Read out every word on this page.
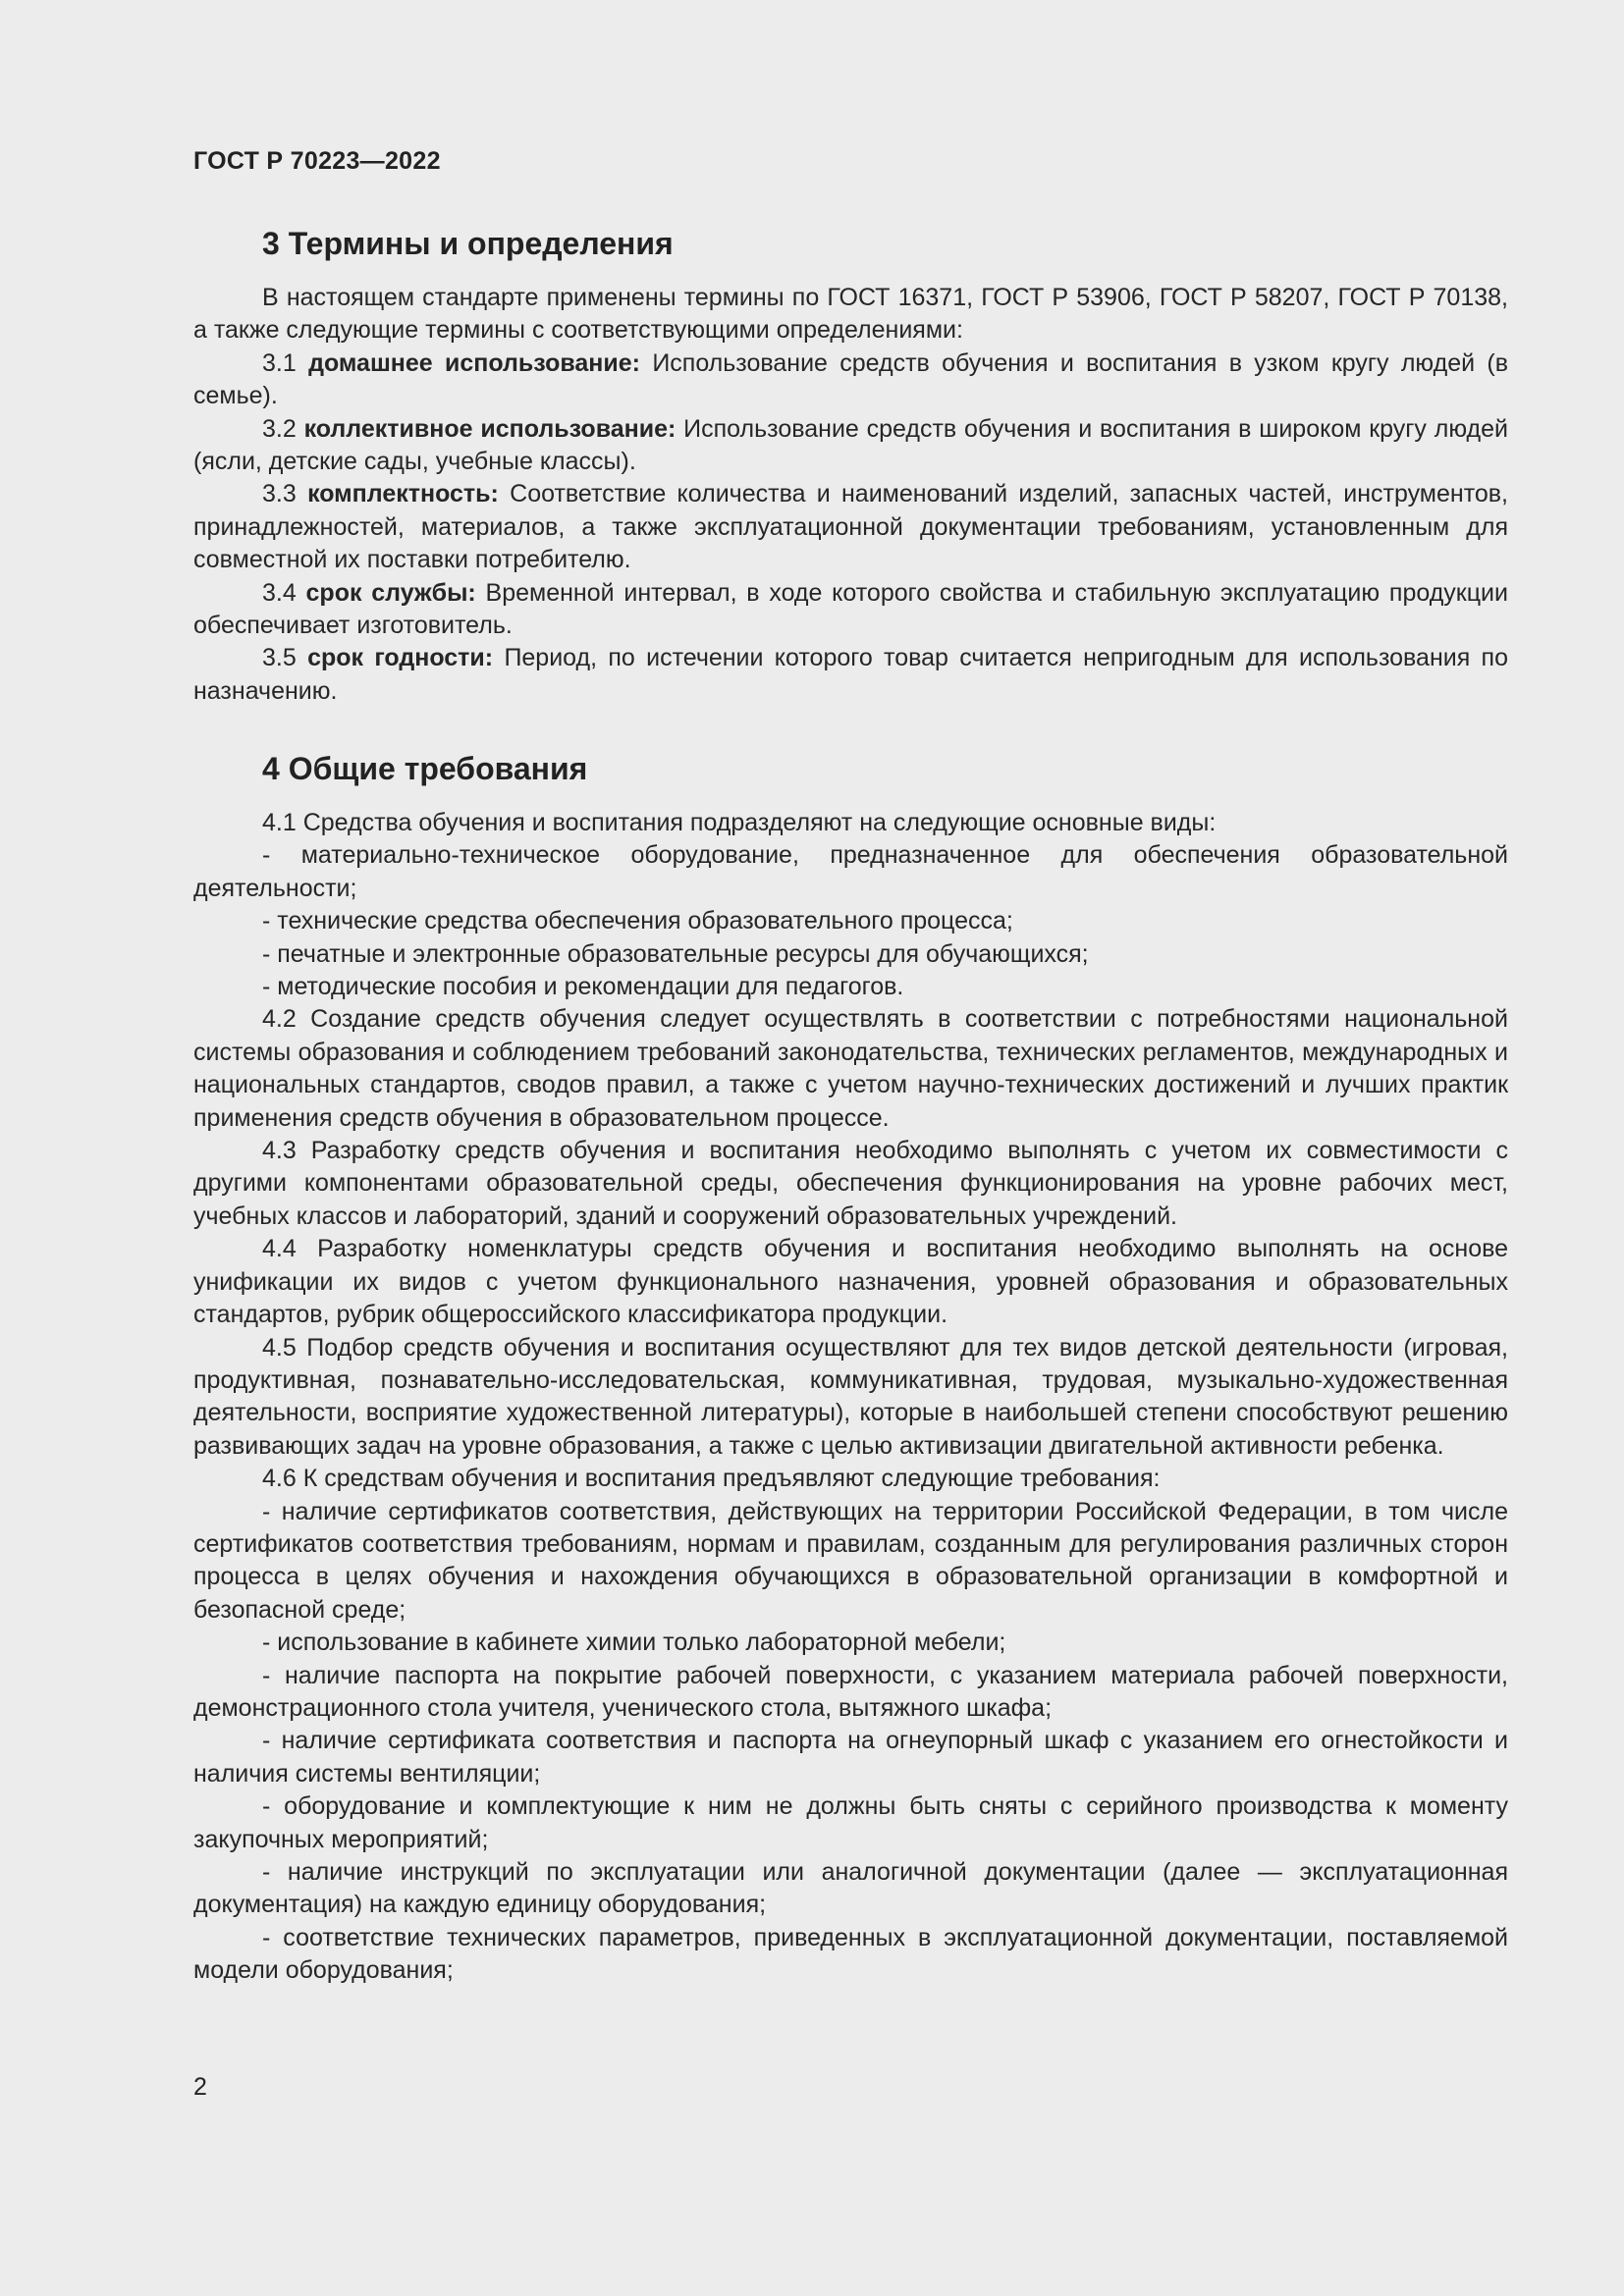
ГОСТ Р 70223—2022
3 Термины и определения

В настоящем стандарте применены термины по ГОСТ 16371, ГОСТ Р 53906, ГОСТ Р 58207, ГОСТ Р 70138, а также следующие термины с соответствующими определениями:

3.1 домашнее использование: Использование средств обучения и воспитания в узком кругу людей (в семье).

3.2 коллективное использование: Использование средств обучения и воспитания в широком кругу людей (ясли, детские сады, учебные классы).

3.3 комплектность: Соответствие количества и наименований изделий, запасных частей, инструментов, принадлежностей, материалов, а также эксплуатационной документации требованиям, установленным для совместной их поставки потребителю.

3.4 срок службы: Временной интервал, в ходе которого свойства и стабильную эксплуатацию продукции обеспечивает изготовитель.

3.5 срок годности: Период, по истечении которого товар считается непригодным для использования по назначению.

4 Общие требования

4.1 Средства обучения и воспитания подразделяют на следующие основные виды:

- материально-техническое оборудование, предназначенное для обеспечения образовательной деятельности;

- технические средства обеспечения образовательного процесса;

- печатные и электронные образовательные ресурсы для обучающихся;

- методические пособия и рекомендации для педагогов.

4.2 Создание средств обучения следует осуществлять в соответствии с потребностями национальной системы образования и соблюдением требований законодательства, технических регламентов, международных и национальных стандартов, сводов правил, а также с учетом научно-технических достижений и лучших практик применения средств обучения в образовательном процессе.

4.3 Разработку средств обучения и воспитания необходимо выполнять с учетом их совместимости с другими компонентами образовательной среды, обеспечения функционирования на уровне рабочих мест, учебных классов и лабораторий, зданий и сооружений образовательных учреждений.

4.4 Разработку номенклатуры средств обучения и воспитания необходимо выполнять на основе унификации их видов с учетом функционального назначения, уровней образования и образовательных стандартов, рубрик общероссийского классификатора продукции.

4.5 Подбор средств обучения и воспитания осуществляют для тех видов детской деятельности (игровая, продуктивная, познавательно-исследовательская, коммуникативная, трудовая, музыкально-художественная деятельности, восприятие художественной литературы), которые в наибольшей степени способствуют решению развивающих задач на уровне образования, а также с целью активизации двигательной активности ребенка.

4.6 К средствам обучения и воспитания предъявляют следующие требования:

- наличие сертификатов соответствия, действующих на территории Российской Федерации, в том числе сертификатов соответствия требованиям, нормам и правилам, созданным для регулирования различных сторон процесса в целях обучения и нахождения обучающихся в образовательной организации в комфортной и безопасной среде;

- использование в кабинете химии только лабораторной мебели;

- наличие паспорта на покрытие рабочей поверхности, с указанием материала рабочей поверхности, демонстрационного стола учителя, ученического стола, вытяжного шкафа;

- наличие сертификата соответствия и паспорта на огнеупорный шкаф с указанием его огнестойкости и наличия системы вентиляции;

- оборудование и комплектующие к ним не должны быть сняты с серийного производства к моменту закупочных мероприятий;

- наличие инструкций по эксплуатации или аналогичной документации (далее — эксплуатационная документация) на каждую единицу оборудования;

- соответствие технических параметров, приведенных в эксплуатационной документации, поставляемой модели оборудования;

2
